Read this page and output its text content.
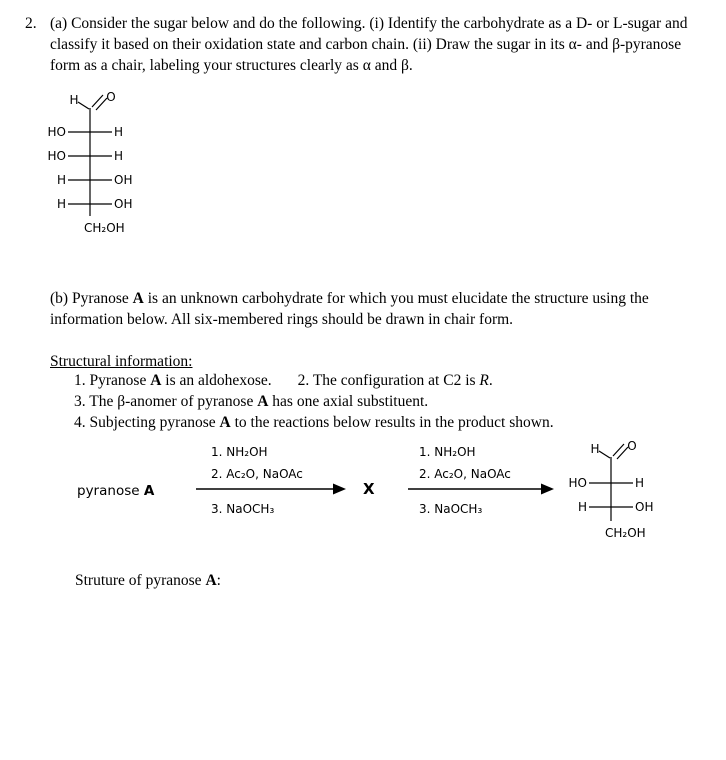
2. (a) Consider the sugar below and do the following. (i) Identify the carbohydrate as a D- or L-sugar and classify it based on their oxidation state and carbon chain. (ii) Draw the sugar in its α- and β-pyranose form as a chair, labeling your structures clearly as α and β.
H O
HO	H
HO	H
H	OH
H	OH
CH₂OH
(b) Pyranose A is an unknown carbohydrate for which you must elucidate the structure using the information below. All six-membered rings should be drawn in chair form.
Structural information:
1. Pyranose A is an aldohexose. 2. The configuration at C2 is R.
3. The β-anomer of pyranose A has one axial substituent.
4. Subjecting pyranose A to the reactions below results in the product shown.
pyranose A
1. NH₂OH
2. Ac₂O, NaOAc
3. NaOCH₃
X
1. NH₂OH
2. Ac₂O, NaOAc
3. NaOCH₃
H O
HO	H
H	OH
CH₂OH
Struture of pyranose A:
